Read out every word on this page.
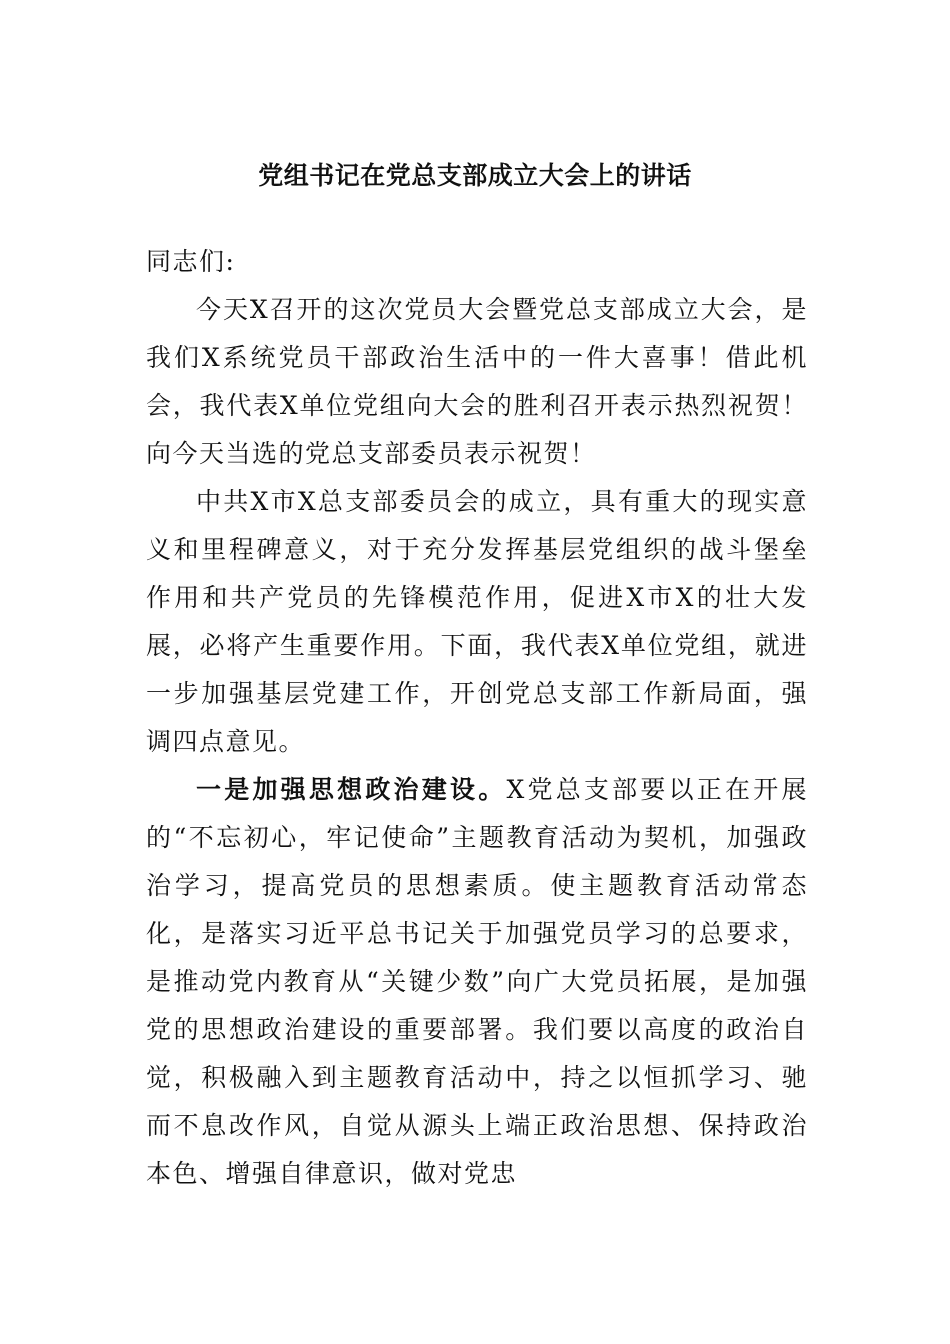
党组书记在党总支部成立大会上的讲话

同志们:

今天X召开的这次党员大会暨党总支部成立大会，是我们X系统党员干部政治生活中的一件大喜事！借此机会，我代表X单位党组向大会的胜利召开表示热烈祝贺！向今天当选的党总支部委员表示祝贺！

中共X市X总支部委员会的成立，具有重大的现实意义和里程碑意义，对于充分发挥基层党组织的战斗堡垒作用和共产党员的先锋模范作用，促进X市X的壮大发展，必将产生重要作用。下面，我代表X单位党组，就进一步加强基层党建工作，开创党总支部工作新局面，强调四点意见。

一是加强思想政治建设。X党总支部要以正在开展的“不忘初心，牢记使命”主题教育活动为契机，加强政治学习，提高党员的思想素质。使主题教育活动常态化，是落实习近平总书记关于加强党员学习的总要求，是推动党内教育从“关键少数”向广大党员拓展，是加强党的思想政治建设的重要部署。我们要以高度的政治自觉，积极融入到主题教育活动中，持之以恒抓学习、驰而不息改作风，自觉从源头上端正政治思想、保持政治本色、增强自律意识，做对党忠
